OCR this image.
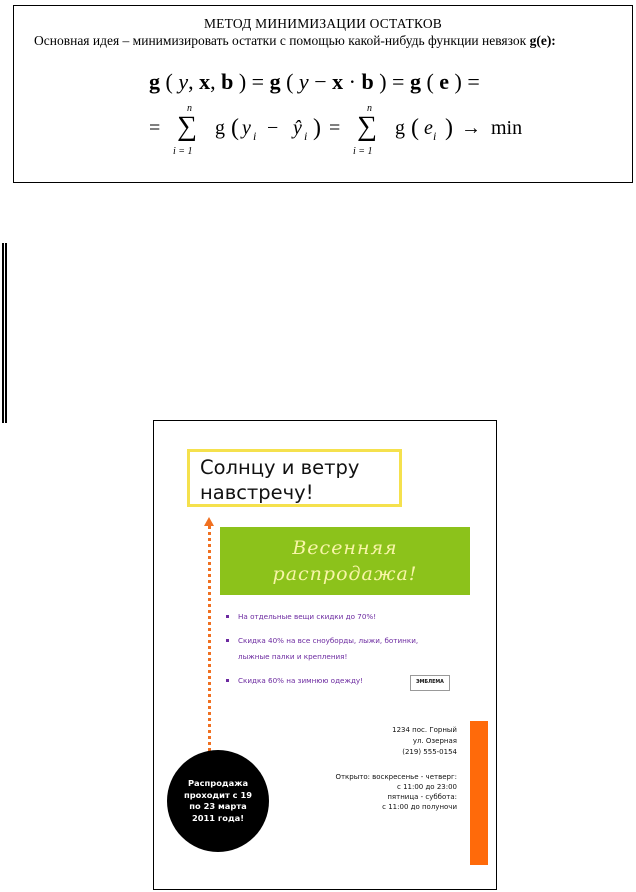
МЕТОД МИНИМИЗАЦИИ ОСТАТКОВ
Основная идея – минимизировать остатки с помощью какой-нибудь функции невязок g(e):
g ( y, x, b ) = g ( y − x · b ) = g ( e ) =
=
n
∑
i = 1
g ( y i − ŷ i ) =
n
∑
i = 1
g ( e i ) → min
Солнцу и ветру
навстречу!
Весенняя
распродажа!
На отдельные вещи скидки до 70%!
Скидка 40% на все сноуборды, лыжи, ботинки, лыжные палки и крепления!
Скидка 60% на зимнюю одежду!	ЭМБЛЕМА
1234 пос. Горный
ул. Озерная
(219) 555-0154
Открыто: воскресенье - четверг:
с 11:00 до 23:00
пятница - суббота:
с 11:00 до полуночи
Распродажа
проходит с 19
по 23 марта
2011 года!
